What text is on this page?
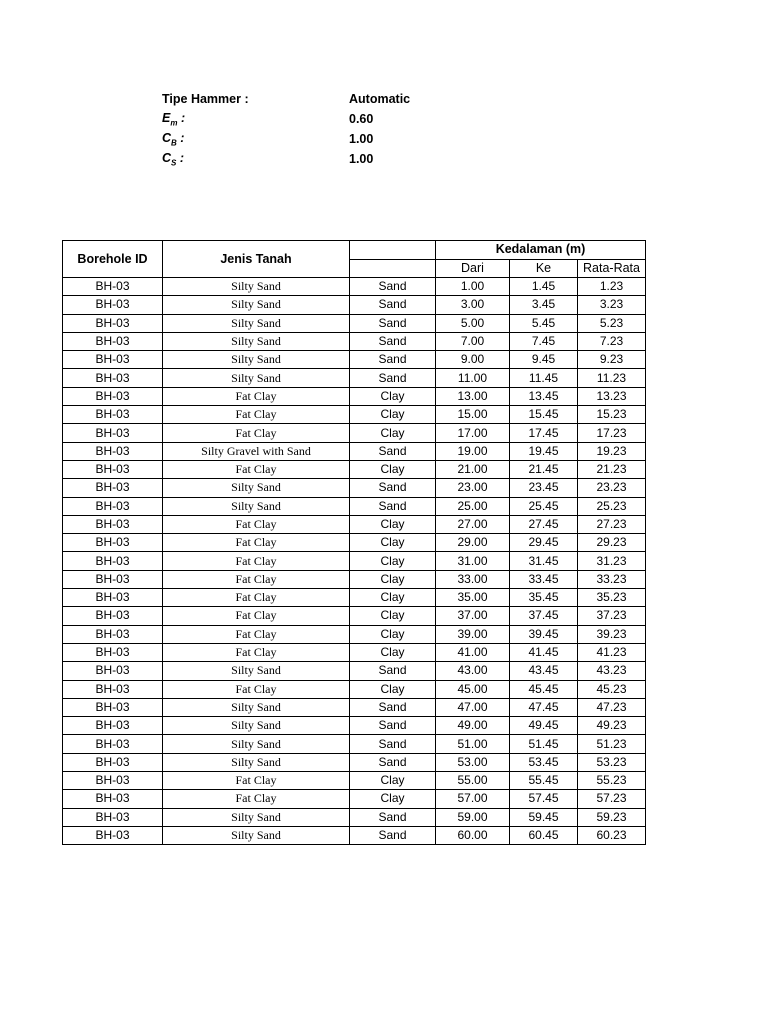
Tipe Hammer :	Automatic
$E_m$ :	0.60
$C_B$ :	1.00
$C_S$ :	1.00
Borehole ID	Jenis Tanah		Kedalaman (m)		
			Dari	Ke	Rata-Rata
BH-03	Silty Sand	Sand	1.00	1.45	1.23
BH-03	Silty Sand	Sand	3.00	3.45	3.23
BH-03	Silty Sand	Sand	5.00	5.45	5.23
BH-03	Silty Sand	Sand	7.00	7.45	7.23
BH-03	Silty Sand	Sand	9.00	9.45	9.23
BH-03	Silty Sand	Sand	11.00	11.45	11.23
BH-03	Fat Clay	Clay	13.00	13.45	13.23
BH-03	Fat Clay	Clay	15.00	15.45	15.23
BH-03	Fat Clay	Clay	17.00	17.45	17.23
BH-03	Silty Gravel with Sand	Sand	19.00	19.45	19.23
BH-03	Fat Clay	Clay	21.00	21.45	21.23
BH-03	Silty Sand	Sand	23.00	23.45	23.23
BH-03	Silty Sand	Sand	25.00	25.45	25.23
BH-03	Fat Clay	Clay	27.00	27.45	27.23
BH-03	Fat Clay	Clay	29.00	29.45	29.23
BH-03	Fat Clay	Clay	31.00	31.45	31.23
BH-03	Fat Clay	Clay	33.00	33.45	33.23
BH-03	Fat Clay	Clay	35.00	35.45	35.23
BH-03	Fat Clay	Clay	37.00	37.45	37.23
BH-03	Fat Clay	Clay	39.00	39.45	39.23
BH-03	Fat Clay	Clay	41.00	41.45	41.23
BH-03	Silty Sand	Sand	43.00	43.45	43.23
BH-03	Fat Clay	Clay	45.00	45.45	45.23
BH-03	Silty Sand	Sand	47.00	47.45	47.23
BH-03	Silty Sand	Sand	49.00	49.45	49.23
BH-03	Silty Sand	Sand	51.00	51.45	51.23
BH-03	Silty Sand	Sand	53.00	53.45	53.23
BH-03	Fat Clay	Clay	55.00	55.45	55.23
BH-03	Fat Clay	Clay	57.00	57.45	57.23
BH-03	Silty Sand	Sand	59.00	59.45	59.23
BH-03	Silty Sand	Sand	60.00	60.45	60.23
